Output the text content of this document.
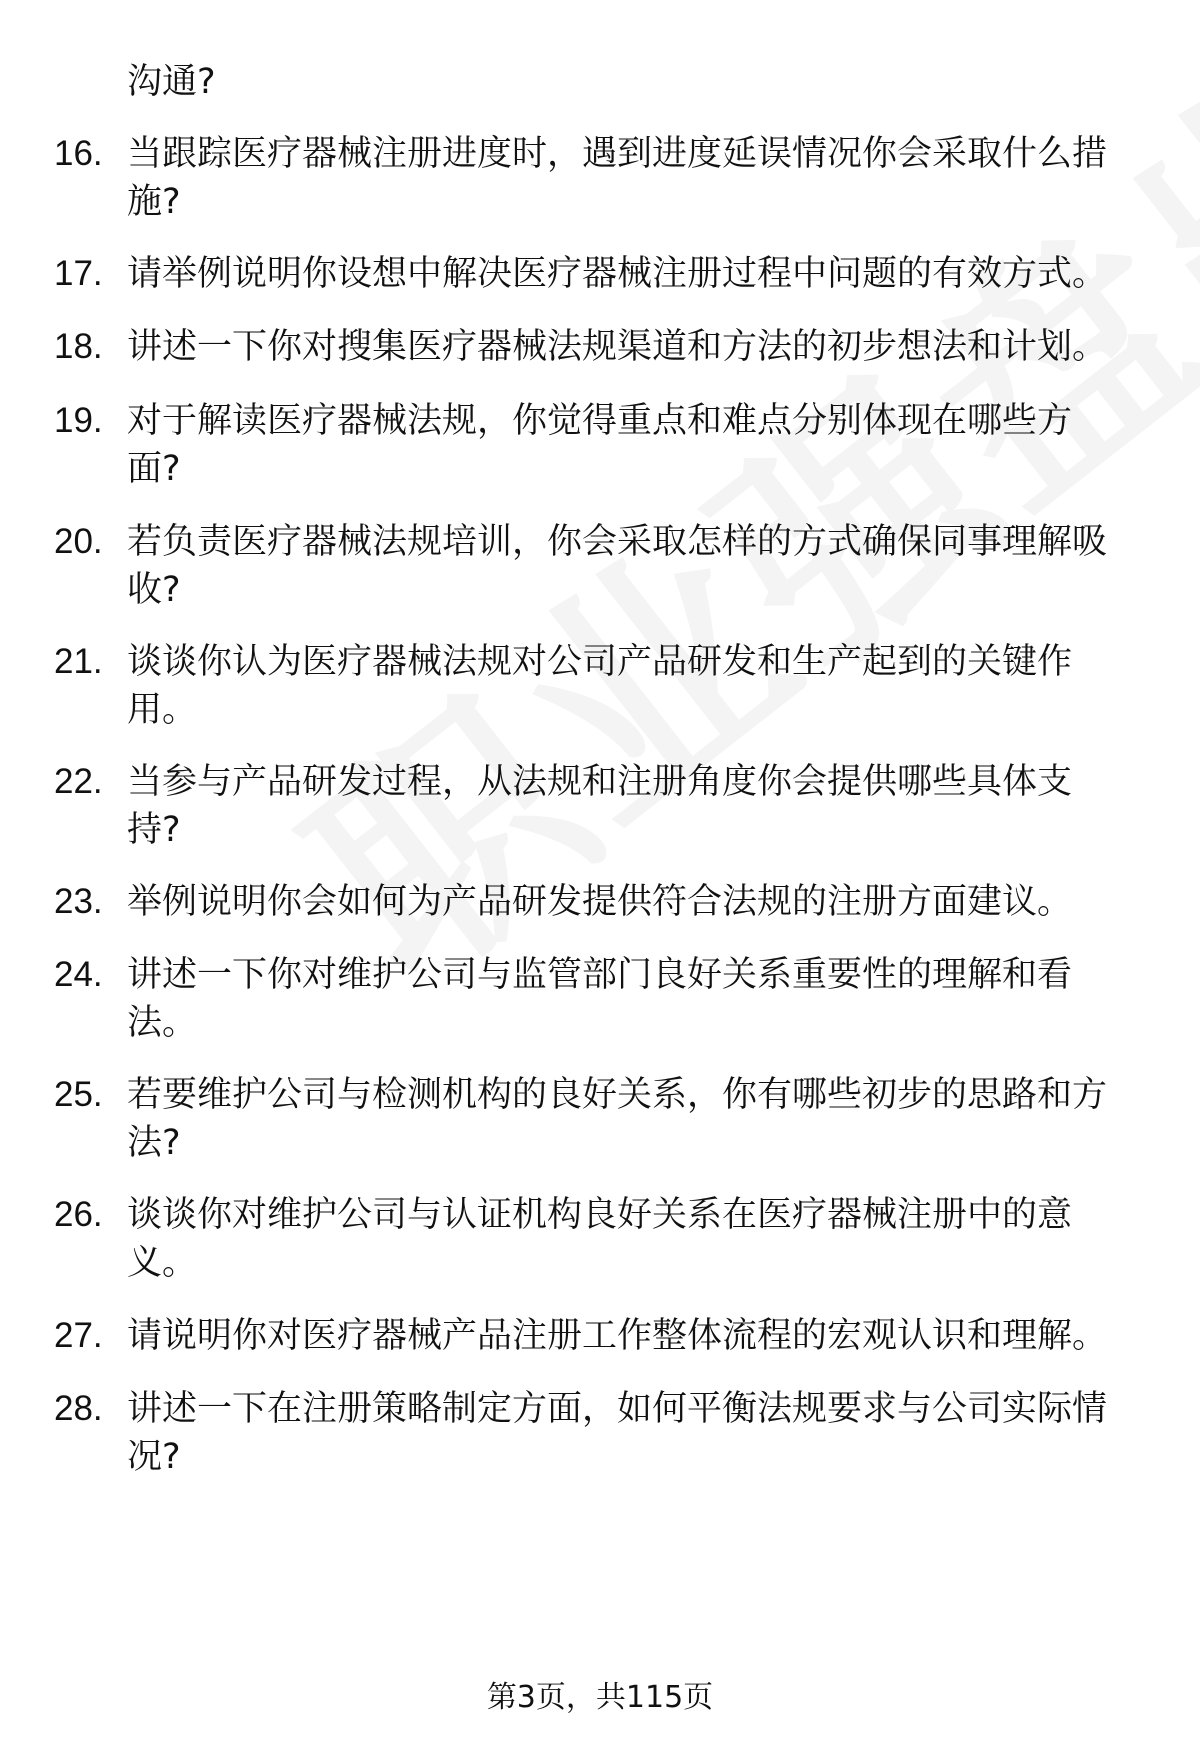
沟通?
16. 当跟踪医疗器械注册进度时，遇到进度延误情况你会采取什么措
施?
17. 请举例说明你设想中解决医疗器械注册过程中问题的有效方式。
18. 讲述一下你对搜集医疗器械法规渠道和方法的初步想法和计划。
19. 对于解读医疗器械法规，你觉得重点和难点分别体现在哪些方
面?
20. 若负责医疗器械法规培训，你会采取怎样的方式确保同事理解吸
收?
21. 谈谈你认为医疗器械法规对公司产品研发和生产起到的关键作
用。
22. 当参与产品研发过程，从法规和注册角度你会提供哪些具体支
持?
23. 举例说明你会如何为产品研发提供符合法规的注册方面建议。
24. 讲述一下你对维护公司与监管部门良好关系重要性的理解和看
法。
25. 若要维护公司与检测机构的良好关系，你有哪些初步的思路和方
法?
26. 谈谈你对维护公司与认证机构良好关系在医疗器械注册中的意
义。
27. 请说明你对医疗器械产品注册工作整体流程的宏观认识和理解。
28. 讲述一下在注册策略制定方面，如何平衡法规要求与公司实际情
况?
第3页，共115页
